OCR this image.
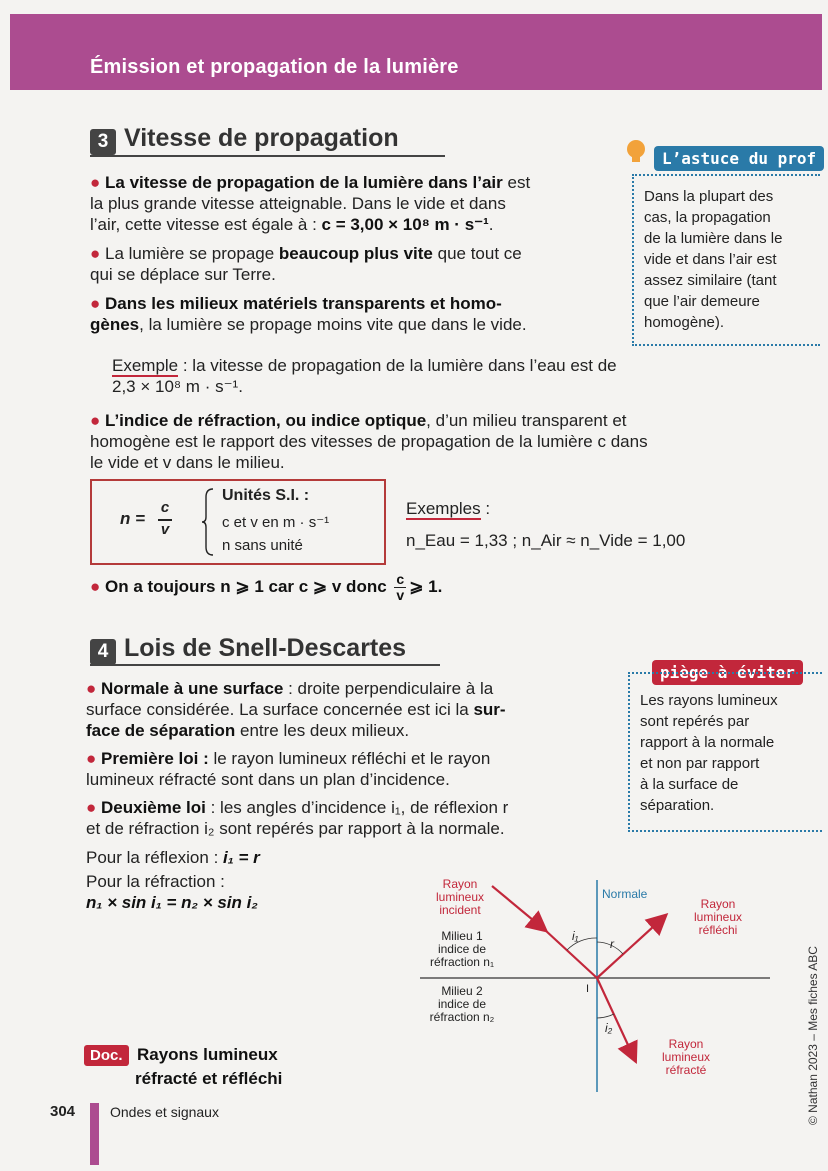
Émission et propagation de la lumière
3 Vitesse de propagation
● La vitesse de propagation de la lumière dans l’air est
la plus grande vitesse atteignable. Dans le vide et dans
l’air, cette vitesse est égale à : c = 3,00 × 10⁸ m · s⁻¹.
● La lumière se propage beaucoup plus vite que tout ce
qui se déplace sur Terre.
● Dans les milieux matériels transparents et homo-
gènes, la lumière se propage moins vite que dans le vide.
Exemple : la vitesse de propagation de la lumière dans l’eau est de
2,3 × 10⁸ m · s⁻¹.
● L’indice de réfraction, ou indice optique, d’un milieu transparent et
homogène est le rapport des vitesses de propagation de la lumière c dans
le vide et v dans le milieu.
n =
c
v
Unités S.I. :
c et v en m · s⁻¹
n sans unité
Exemples :
n_Eau = 1,33 ; n_Air ≈ n_Vide = 1,00
● On a toujours n ⩾ 1 car c ⩾ v donc $\frac{c}{v}$ ⩾ 1.
L’astuce du prof
Dans la plupart des
cas, la propagation
de la lumière dans le
vide et dans l’air est
assez similaire (tant
que l’air demeure
homogène).
4 Lois de Snell-Descartes
● Normale à une surface : droite perpendiculaire à la
surface considérée. La surface concernée est ici la sur-
face de séparation entre les deux milieux.
● Première loi : le rayon lumineux réfléchi et le rayon
lumineux réfracté sont dans un plan d’incidence.
● Deuxième loi : les angles d’incidence i₁, de réflexion r
et de réfraction i₂ sont repérés par rapport à la normale.
Pour la réflexion : i₁ = r
Pour la réfraction :
n₁ × sin i₁ = n₂ × sin i₂
piège à éviter
Les rayons lumineux
sont repérés par
rapport à la normale
et non par rapport
à la surface de
séparation.
Rayon
lumineux
incident
Normale
Rayon
lumineux
réfléchi
Milieu 1
indice de
réfraction n₁
Milieu 2
indice de
réfraction n₂
i₁
r
i₂
I
Rayon
lumineux
réfracté
Doc. Rayons lumineux
réfracté et réfléchi
304 Ondes et signaux	© Nathan 2023 – Mes fiches ABC
